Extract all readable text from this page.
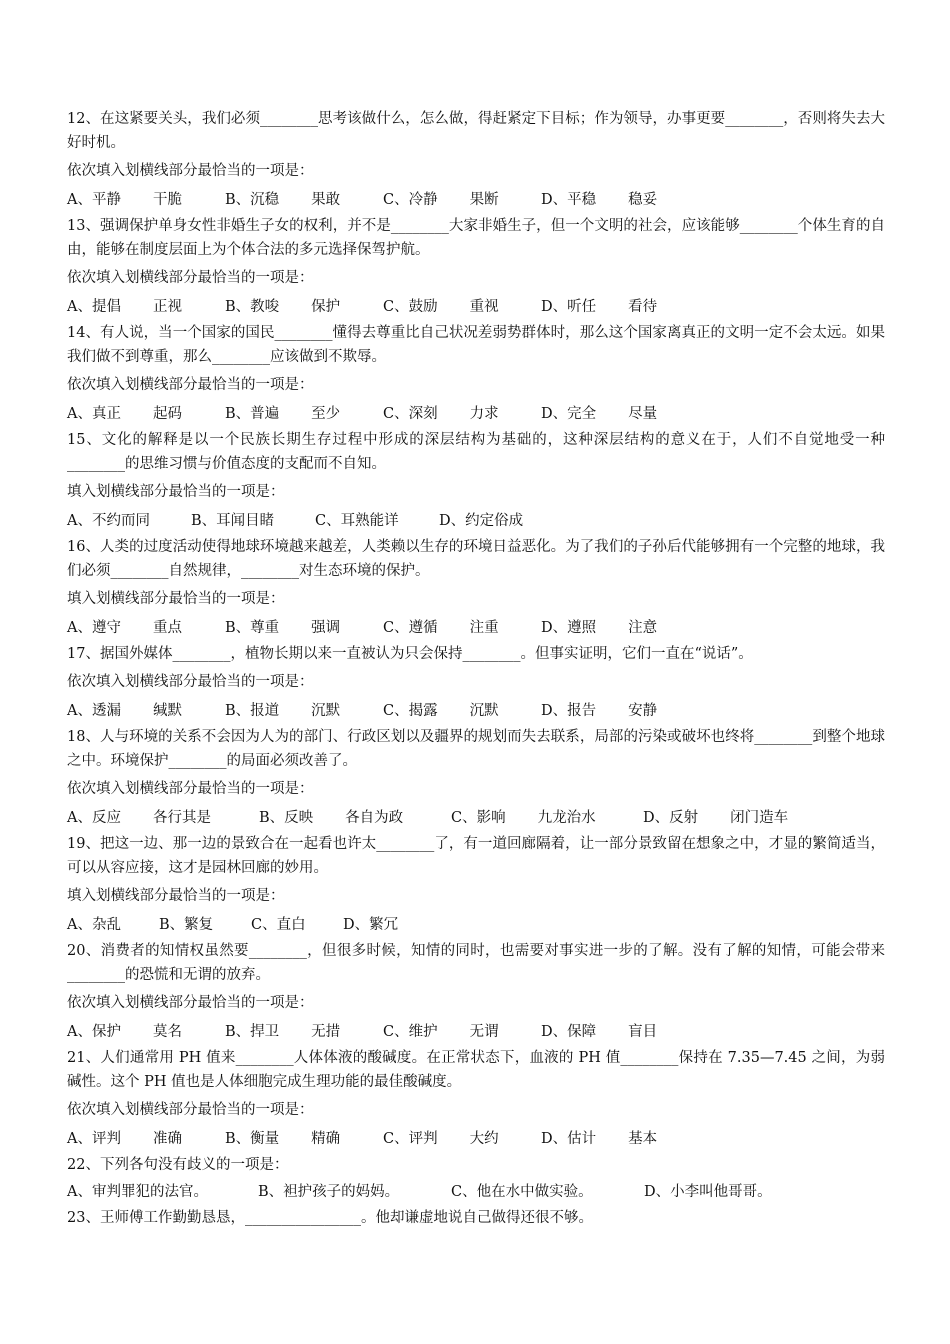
12、在这紧要关头，我们必须________思考该做什么，怎么做，得赶紧定下目标；作为领导，办事更要________，否则将失去大好时机。

依次填入划横线部分最恰当的一项是：

A、平静 干脆	B、沉稳 果敢	C、冷静 果断	D、平稳 稳妥

13、强调保护单身女性非婚生子女的权利，并不是________大家非婚生子，但一个文明的社会，应该能够________个体生育的自由，能够在制度层面上为个体合法的多元选择保驾护航。

依次填入划横线部分最恰当的一项是：

A、提倡 正视	B、教唆 保护	C、鼓励 重视	D、听任 看待

14、有人说，当一个国家的国民________懂得去尊重比自己状况差弱势群体时，那么这个国家离真正的文明一定不会太远。如果我们做不到尊重，那么________应该做到不欺辱。

依次填入划横线部分最恰当的一项是：

A、真正 起码	B、普遍 至少	C、深刻 力求	D、完全 尽量

15、文化的解释是以一个民族长期生存过程中形成的深层结构为基础的，这种深层结构的意义在于，人们不自觉地受一种________的思维习惯与价值态度的支配而不自知。

填入划横线部分最恰当的一项是：

A、不约而同	B、耳闻目睹	C、耳熟能详	D、约定俗成

16、人类的过度活动使得地球环境越来越差，人类赖以生存的环境日益恶化。为了我们的子孙后代能够拥有一个完整的地球，我们必须________自然规律，________对生态环境的保护。

填入划横线部分最恰当的一项是：

A、遵守 重点	B、尊重 强调	C、遵循 注重	D、遵照 注意

17、据国外媒体________，植物长期以来一直被认为只会保持________。但事实证明，它们一直在“说话”。

依次填入划横线部分最恰当的一项是：

A、透漏 缄默	B、报道 沉默	C、揭露 沉默	D、报告 安静

18、人与环境的关系不会因为人为的部门、行政区划以及疆界的规划而失去联系，局部的污染或破坏也终将________到整个地球之中。环境保护________的局面必须改善了。

依次填入划横线部分最恰当的一项是：

A、反应 各行其是	B、反映 各自为政	C、影响 九龙治水	D、反射 闭门造车

19、把这一边、那一边的景致合在一起看也许太________了，有一道回廊隔着，让一部分景致留在想象之中，才显的繁简适当，可以从容应接，这才是园林回廊的妙用。

填入划横线部分最恰当的一项是：

A、杂乱	B、繁复	C、直白	D、繁冗

20、消费者的知情权虽然要________，但很多时候，知情的同时，也需要对事实进一步的了解。没有了解的知情，可能会带来________的恐慌和无谓的放弃。

依次填入划横线部分最恰当的一项是：

A、保护 莫名	B、捍卫 无措	C、维护 无谓	D、保障 盲目

21、人们通常用 PH 值来________人体体液的酸碱度。在正常状态下，血液的 PH 值________保持在 7.35—7.45 之间，为弱碱性。这个 PH 值也是人体细胞完成生理功能的最佳酸碱度。

依次填入划横线部分最恰当的一项是：

A、评判 准确	B、衡量 精确	C、评判 大约	D、估计 基本

22、下列各句没有歧义的一项是：

A、审判罪犯的法官。	B、袒护孩子的妈妈。	C、他在水中做实验。	D、小李叫他哥哥。

23、王师傅工作勤勤恳恳，________________。他却谦虚地说自己做得还很不够。
